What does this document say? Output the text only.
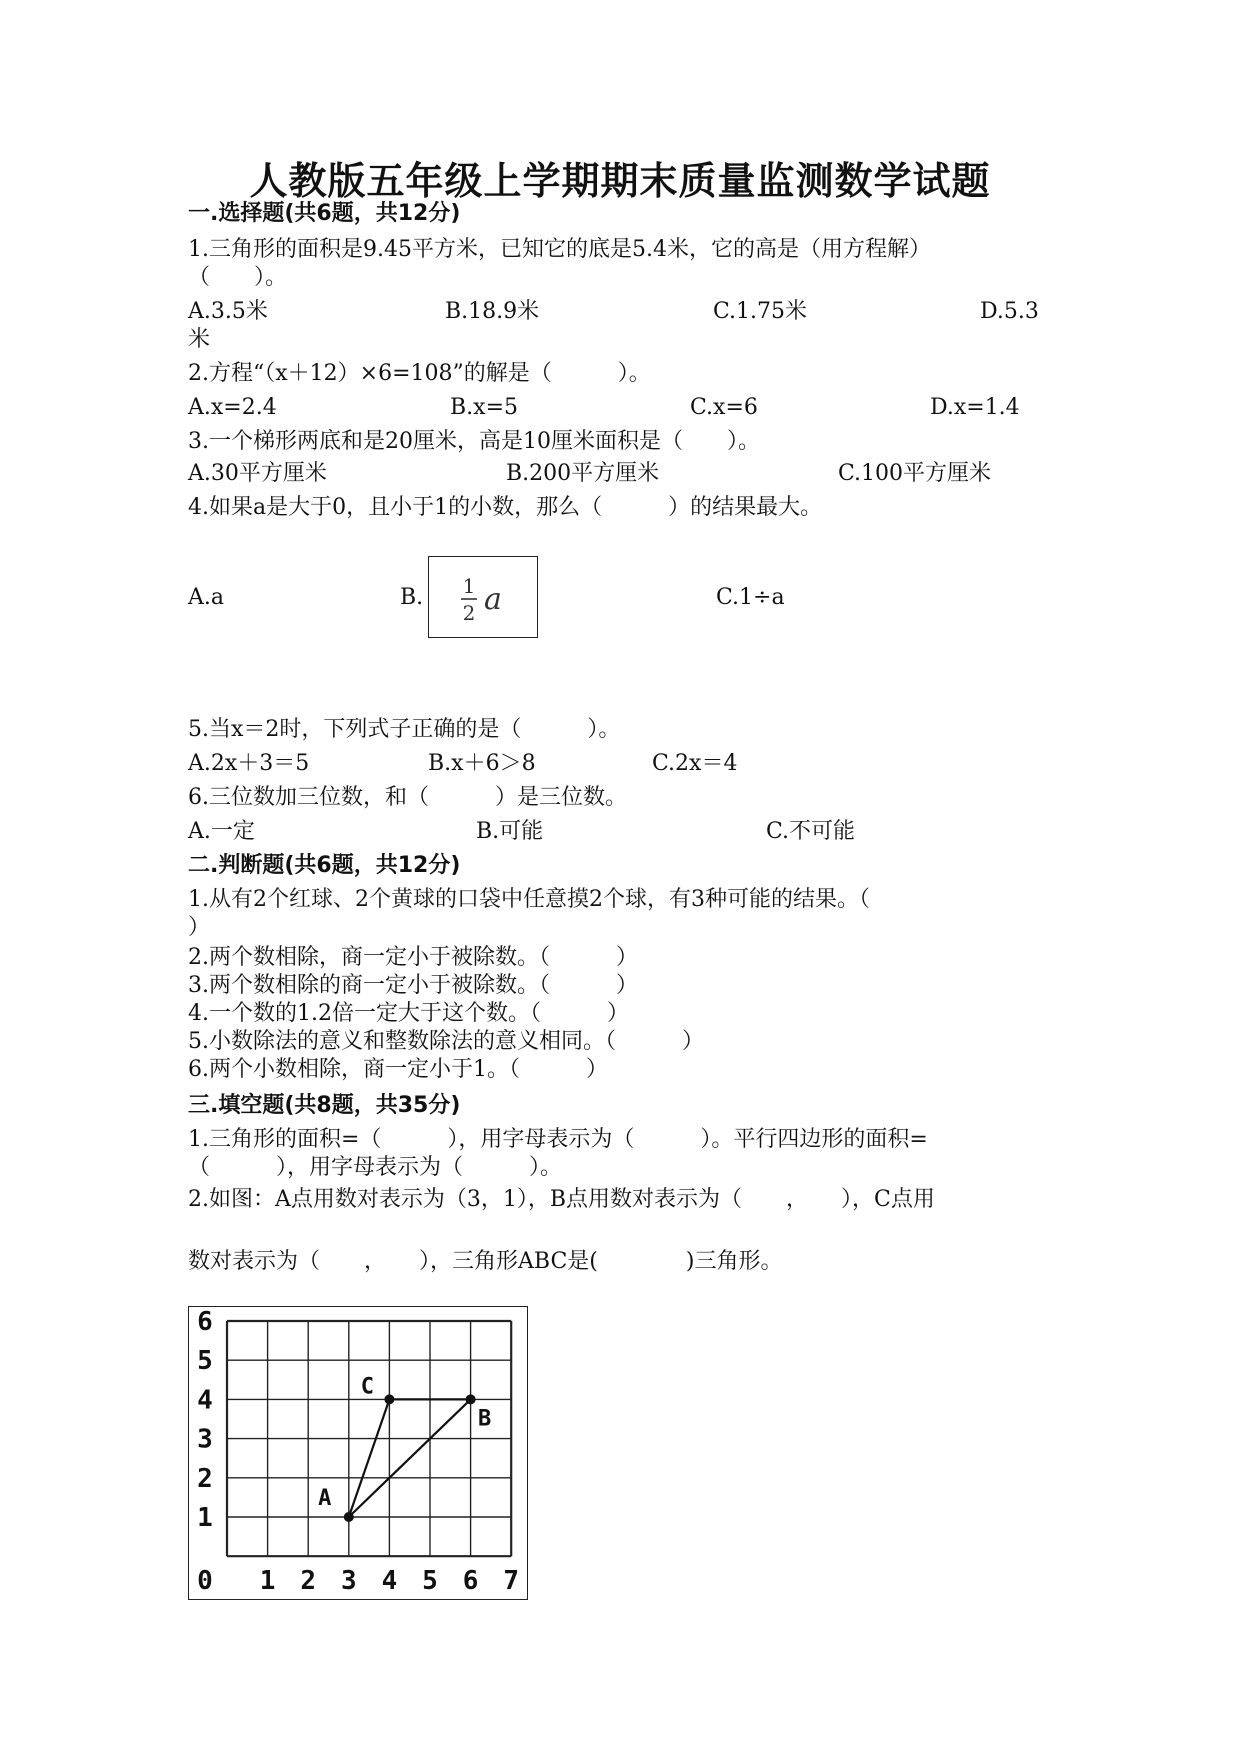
人教版五年级上学期期末质量监测数学试题
一.选择题(共6题，共12分)
1.三角形的面积是9.45平方米，已知它的底是5.4米，它的高是（用方程解）
（　　）。
A.3.5米	B.18.9米	C.1.75米	D.5.3
米
2.方程“（x＋12）×6=108”的解是（　　　）。
A.x=2.4	B.x=5	C.x=6	D.x=1.4
3.一个梯形两底和是20厘米，高是10厘米面积是（　　）。
A.30平方厘米	B.200平方厘米	C.100平方厘米
4.如果a是大于0，且小于1的小数，那么（　　　）的结果最大。
A.a	B. 1
2 a	C.1÷a
5.当x＝2时，下列式子正确的是（　　　）。
A.2x＋3＝5	B.x＋6＞8	C.2x＝4
6.三位数加三位数，和（　　　）是三位数。
A.一定	B.可能	C.不可能
二.判断题(共6题，共12分)
1.从有2个红球、2个黄球的口袋中任意摸2个球，有3种可能的结果。（
）
2.两个数相除，商一定小于被除数。（　　　）
3.两个数相除的商一定小于被除数。（　　　）
4.一个数的1.2倍一定大于这个数。（　　　）
5.小数除法的意义和整数除法的意义相同。（　　　）
6.两个小数相除，商一定小于1。（　　　）
三.填空题(共8题，共35分)
1.三角形的面积=（　　　），用字母表示为（　　　）。平行四边形的面积=
（　　　），用字母表示为（　　　）。
2.如图：A点用数对表示为（3，1），B点用数对表示为（　　，　　），C点用
数对表示为（　　，　　），三角形ABC是(　　　　)三角形。
6
5
4
3
2
1
0 1 2 3 4 5 6 7
A
B
C
